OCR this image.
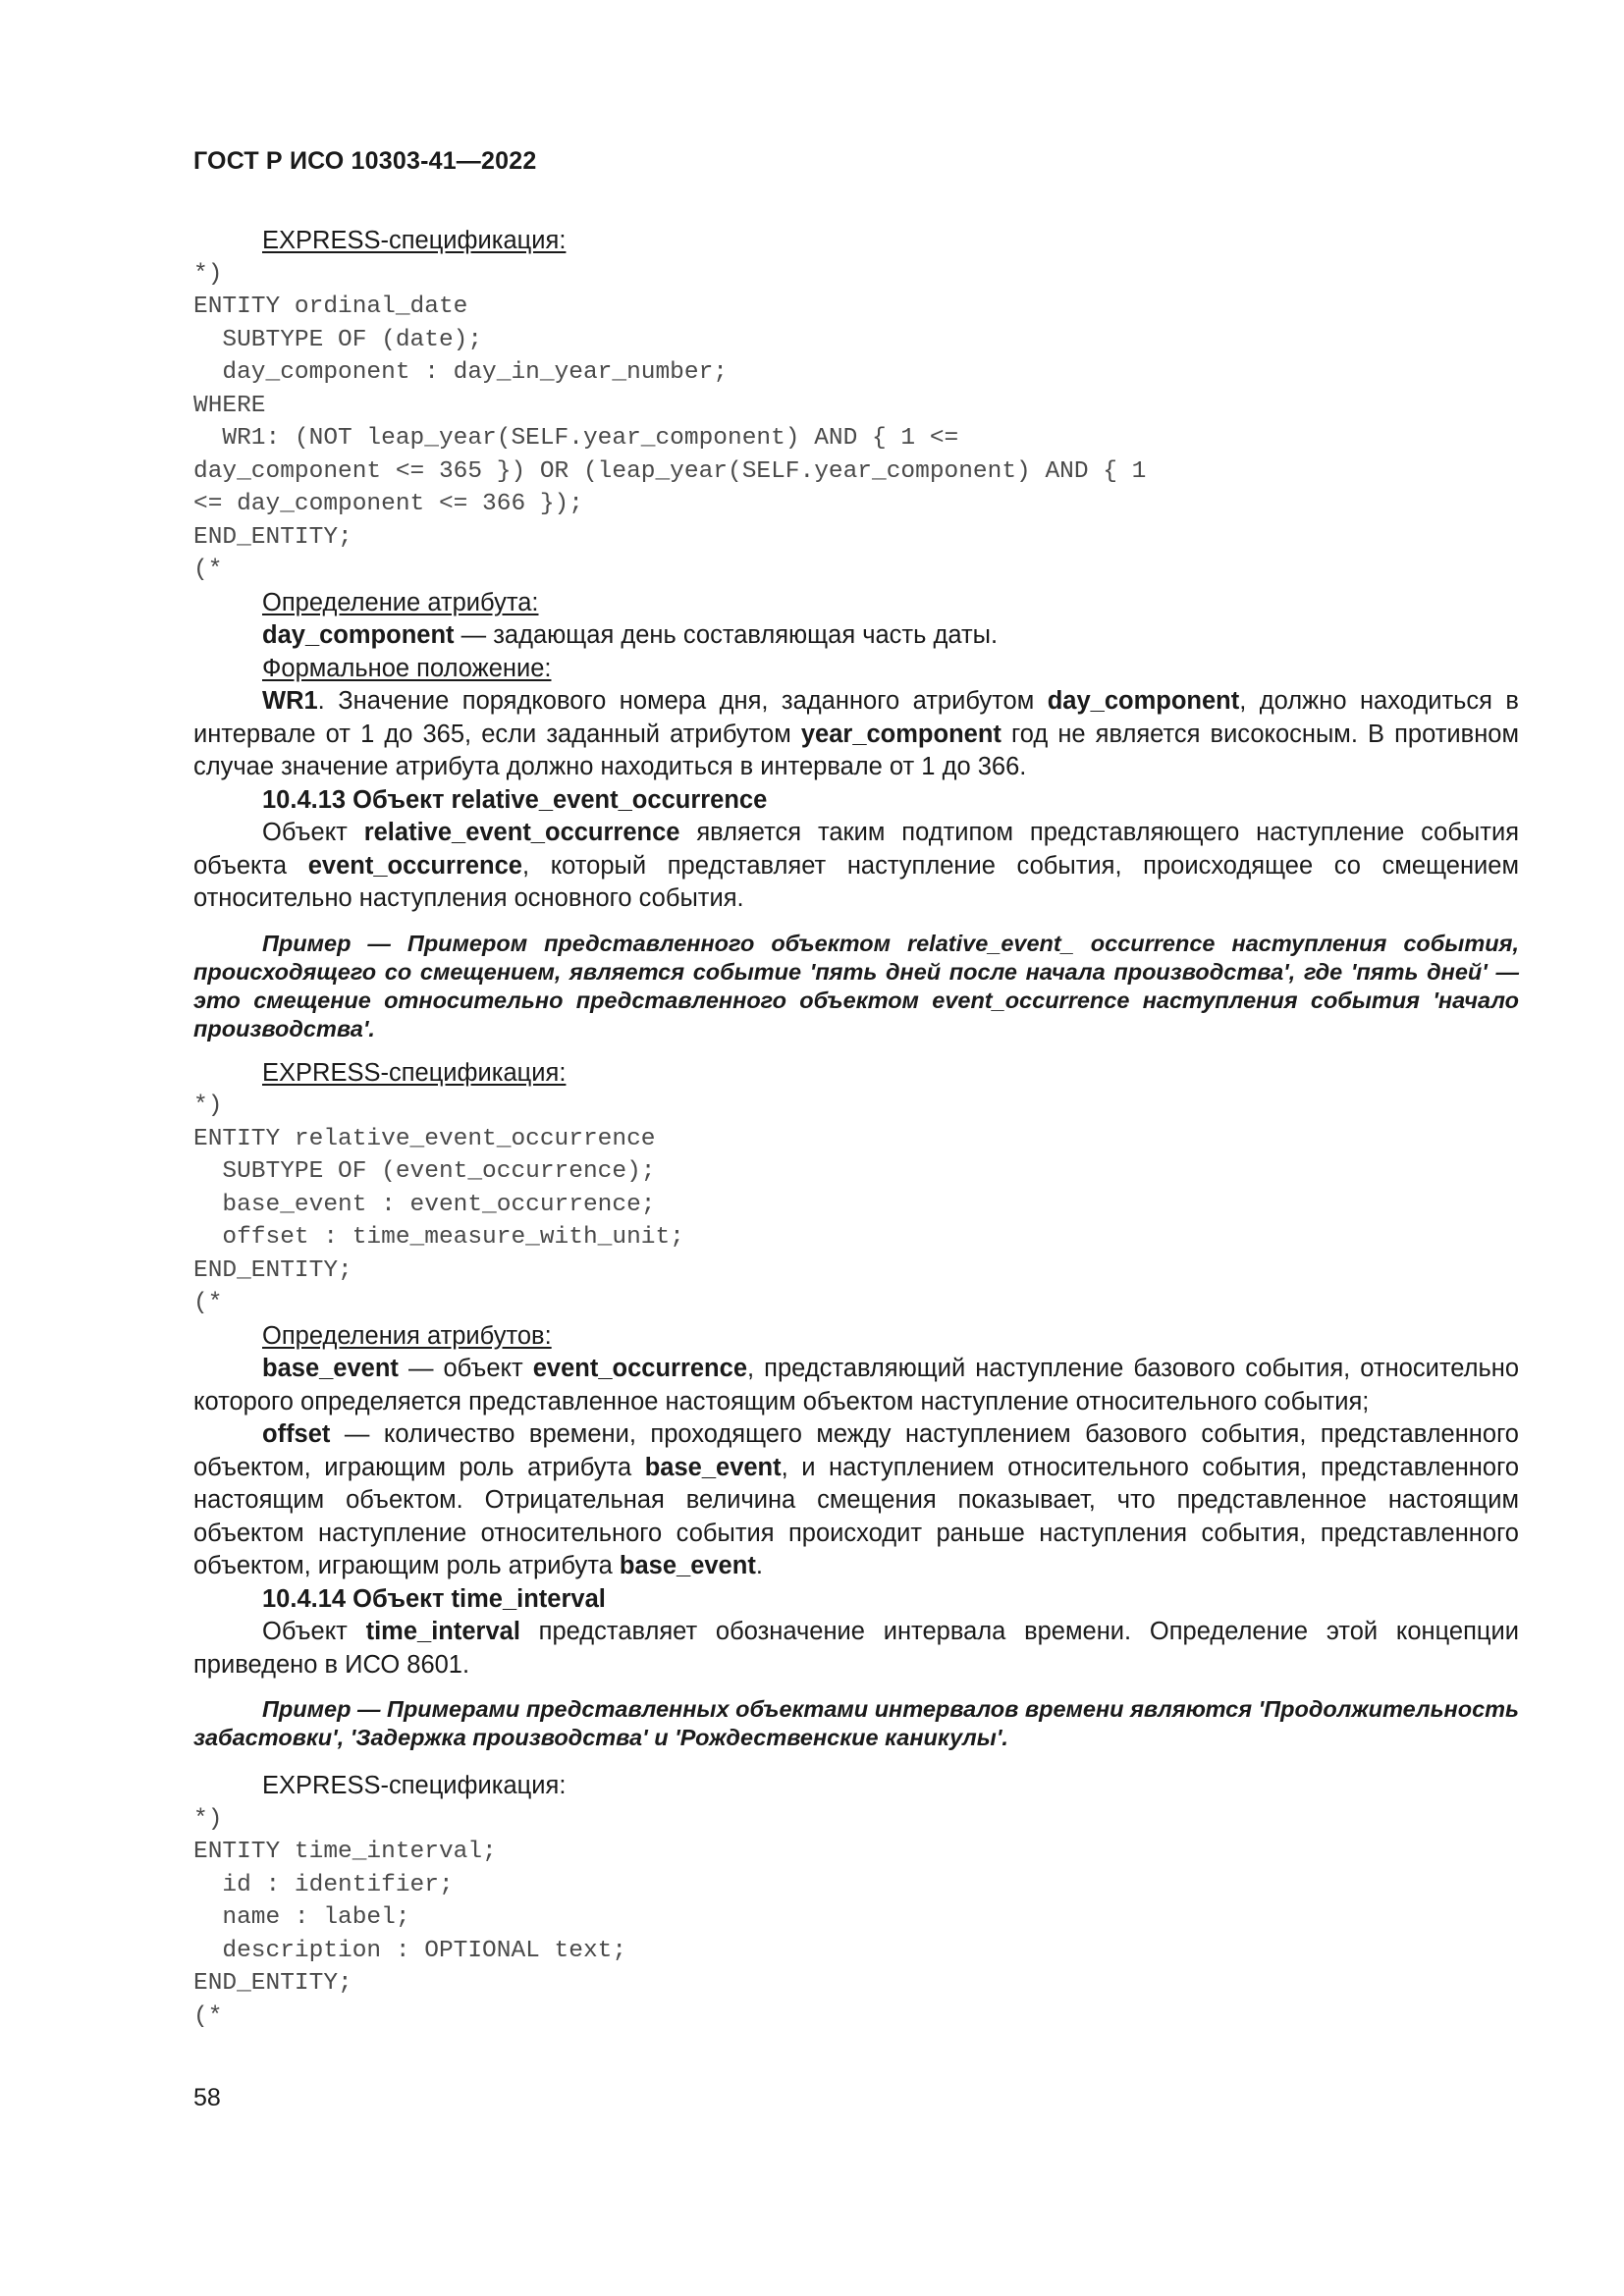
ГОСТ Р ИСО 10303-41—2022
EXPRESS-спецификация:
*)
ENTITY ordinal_date
SUBTYPE OF (date);
day_component : day_in_year_number;
WHERE
WR1: (NOT leap_year(SELF.year_component) AND { 1 <=
day_component <= 365 }) OR (leap_year(SELF.year_component) AND { 1
<= day_component <= 366 });
END_ENTITY;
(*
Определение атрибута:
day_component — задающая день составляющая часть даты.
Формальное положение:

WR1. Значение порядкового номера дня, заданного атрибутом day_component, должно находиться в интервале от 1 до 365, если заданный атрибутом year_component год не является високосным. В противном случае значение атрибута должно находиться в интервале от 1 до 366.

10.4.13 Объект relative_event_occurrence

Объект relative_event_occurrence является таким подтипом представляющего наступление события объекта event_occurrence, который представляет наступление события, происходящее со смещением относительно наступления основного события.

Пример — Примером представленного объектом relative_event_ occurrence наступления события, происходящего со смещением, является событие 'пять дней после начала производства', где 'пять дней' — это смещение относительно представленного объектом event_occurrence наступления события 'начало производства'.

EXPRESS-спецификация:
*)
ENTITY relative_event_occurrence
SUBTYPE OF (event_occurrence);
base_event : event_occurrence;
offset : time_measure_with_unit;
END_ENTITY;
(*
Определения атрибутов:

base_event — объект event_occurrence, представляющий наступление базового события, относительно которого определяется представленное настоящим объектом наступление относительного события;

offset — количество времени, проходящего между наступлением базового события, представленного объектом, играющим роль атрибута base_event, и наступлением относительного события, представленного настоящим объектом. Отрицательная величина смещения показывает, что представленное настоящим объектом наступление относительного события происходит раньше наступления события, представленного объектом, играющим роль атрибута base_event.

10.4.14 Объект time_interval

Объект time_interval представляет обозначение интервала времени. Определение этой концепции приведено в ИСО 8601.

Пример — Примерами представленных объектами интервалов времени являются 'Продолжительность забастовки', 'Задержка производства' и 'Рождественские каникулы'.

EXPRESS-спецификация:
*)
ENTITY time_interval;
id : identifier;
name : label;
description : OPTIONAL text;
END_ENTITY;
(*
58
